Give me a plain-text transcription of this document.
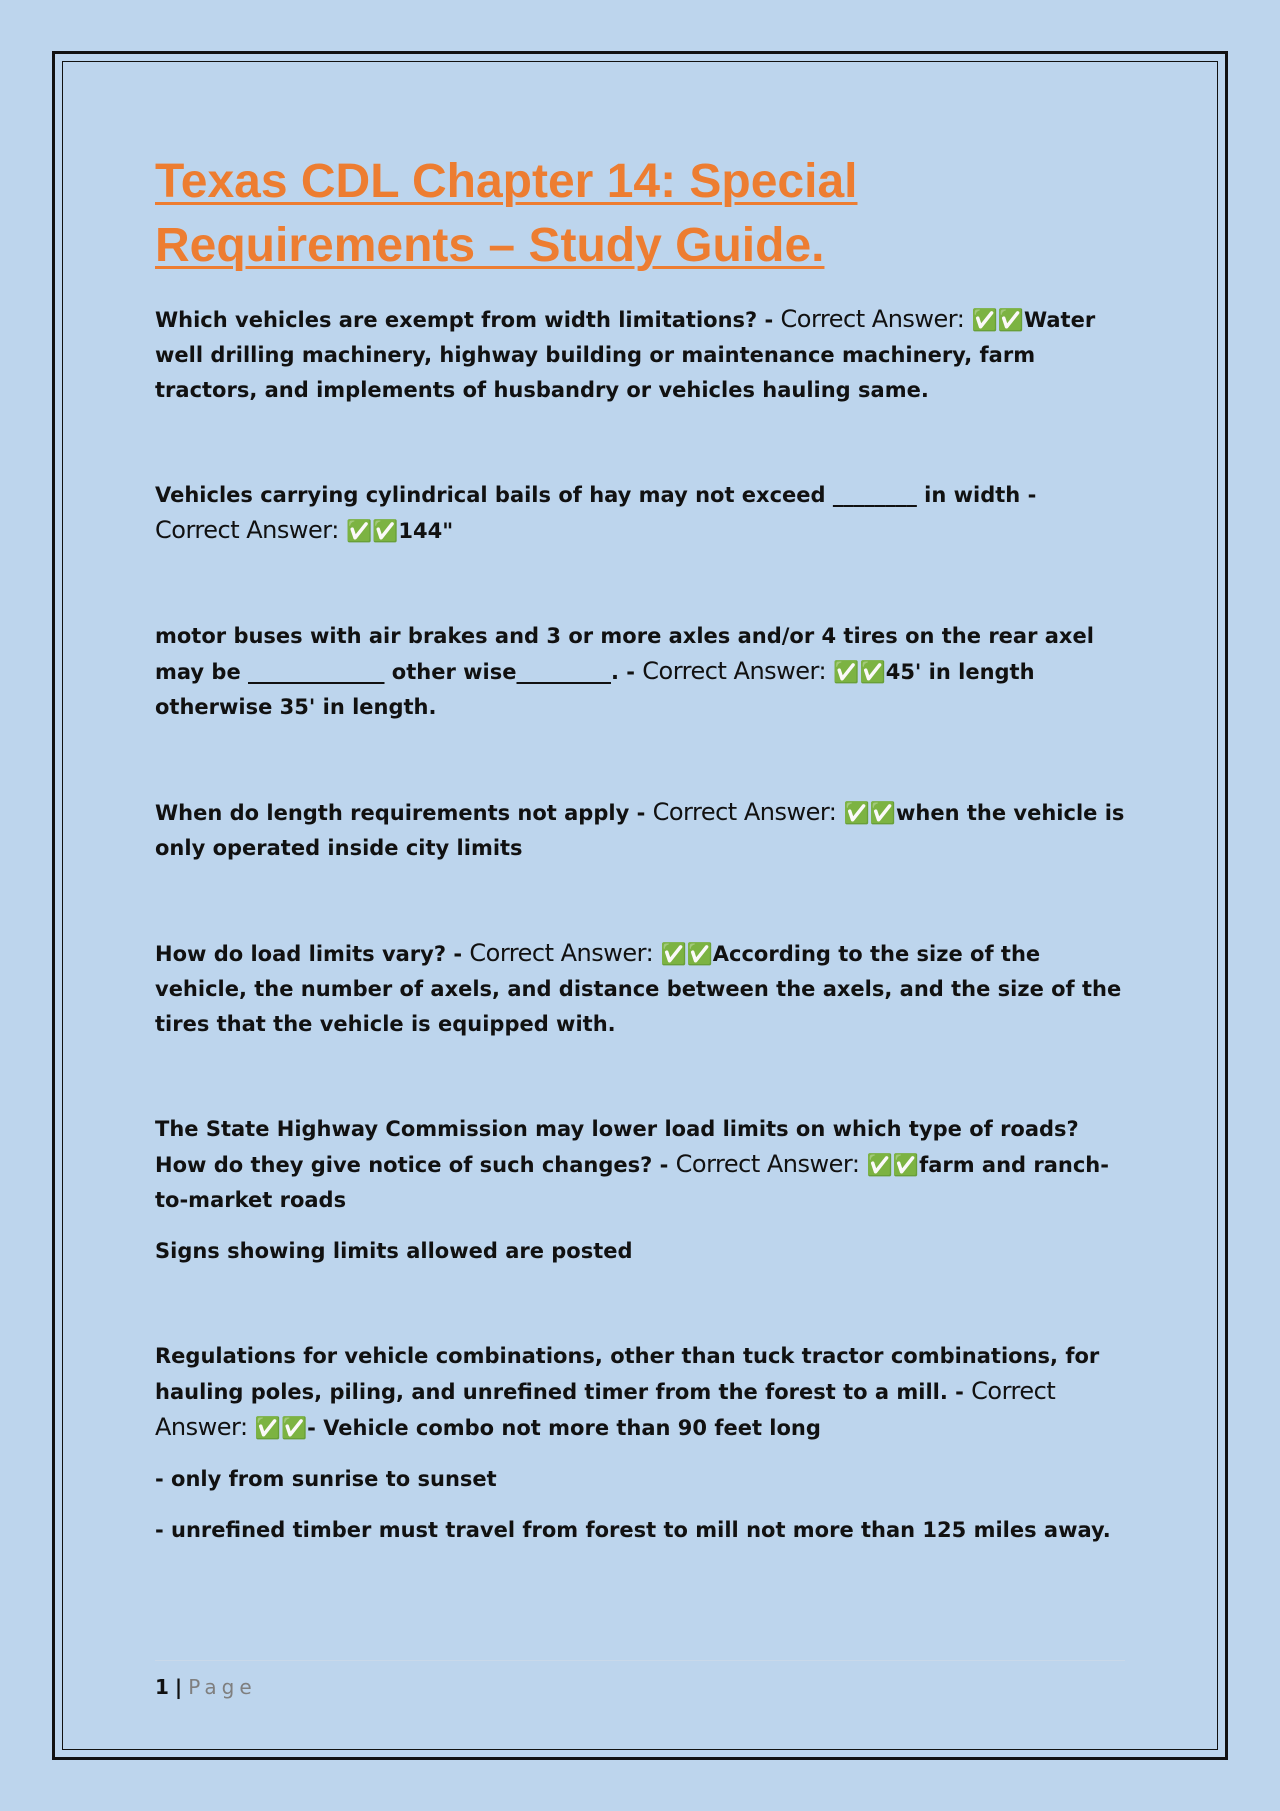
Texas CDL Chapter 14: Special Requirements – Study Guide.

Which vehicles are exempt from width limitations? - Correct Answer: ✅✅Water well drilling machinery, highway building or maintenance machinery, farm tractors, and implements of husbandry or vehicles hauling same.

Vehicles carrying cylindrical bails of hay may not exceed ________ in width - Correct Answer: ✅✅144"

motor buses with air brakes and 3 or more axles and/or 4 tires on the rear axel may be _____________ other wise_________. - Correct Answer: ✅✅45' in length otherwise 35' in length.

When do length requirements not apply - Correct Answer: ✅✅when the vehicle is only operated inside city limits

How do load limits vary? - Correct Answer: ✅✅According to the size of the vehicle, the number of axels, and distance between the axels, and the size of the tires that the vehicle is equipped with.

The State Highway Commission may lower load limits on which type of roads? How do they give notice of such changes? - Correct Answer: ✅✅farm and ranch-to-market roads

Signs showing limits allowed are posted

Regulations for vehicle combinations, other than tuck tractor combinations, for hauling poles, piling, and unrefined timer from the forest to a mill. - Correct Answer: ✅✅- Vehicle combo not more than 90 feet long

- only from sunrise to sunset

- unrefined timber must travel from forest to mill not more than 125 miles away.

1 | Page
